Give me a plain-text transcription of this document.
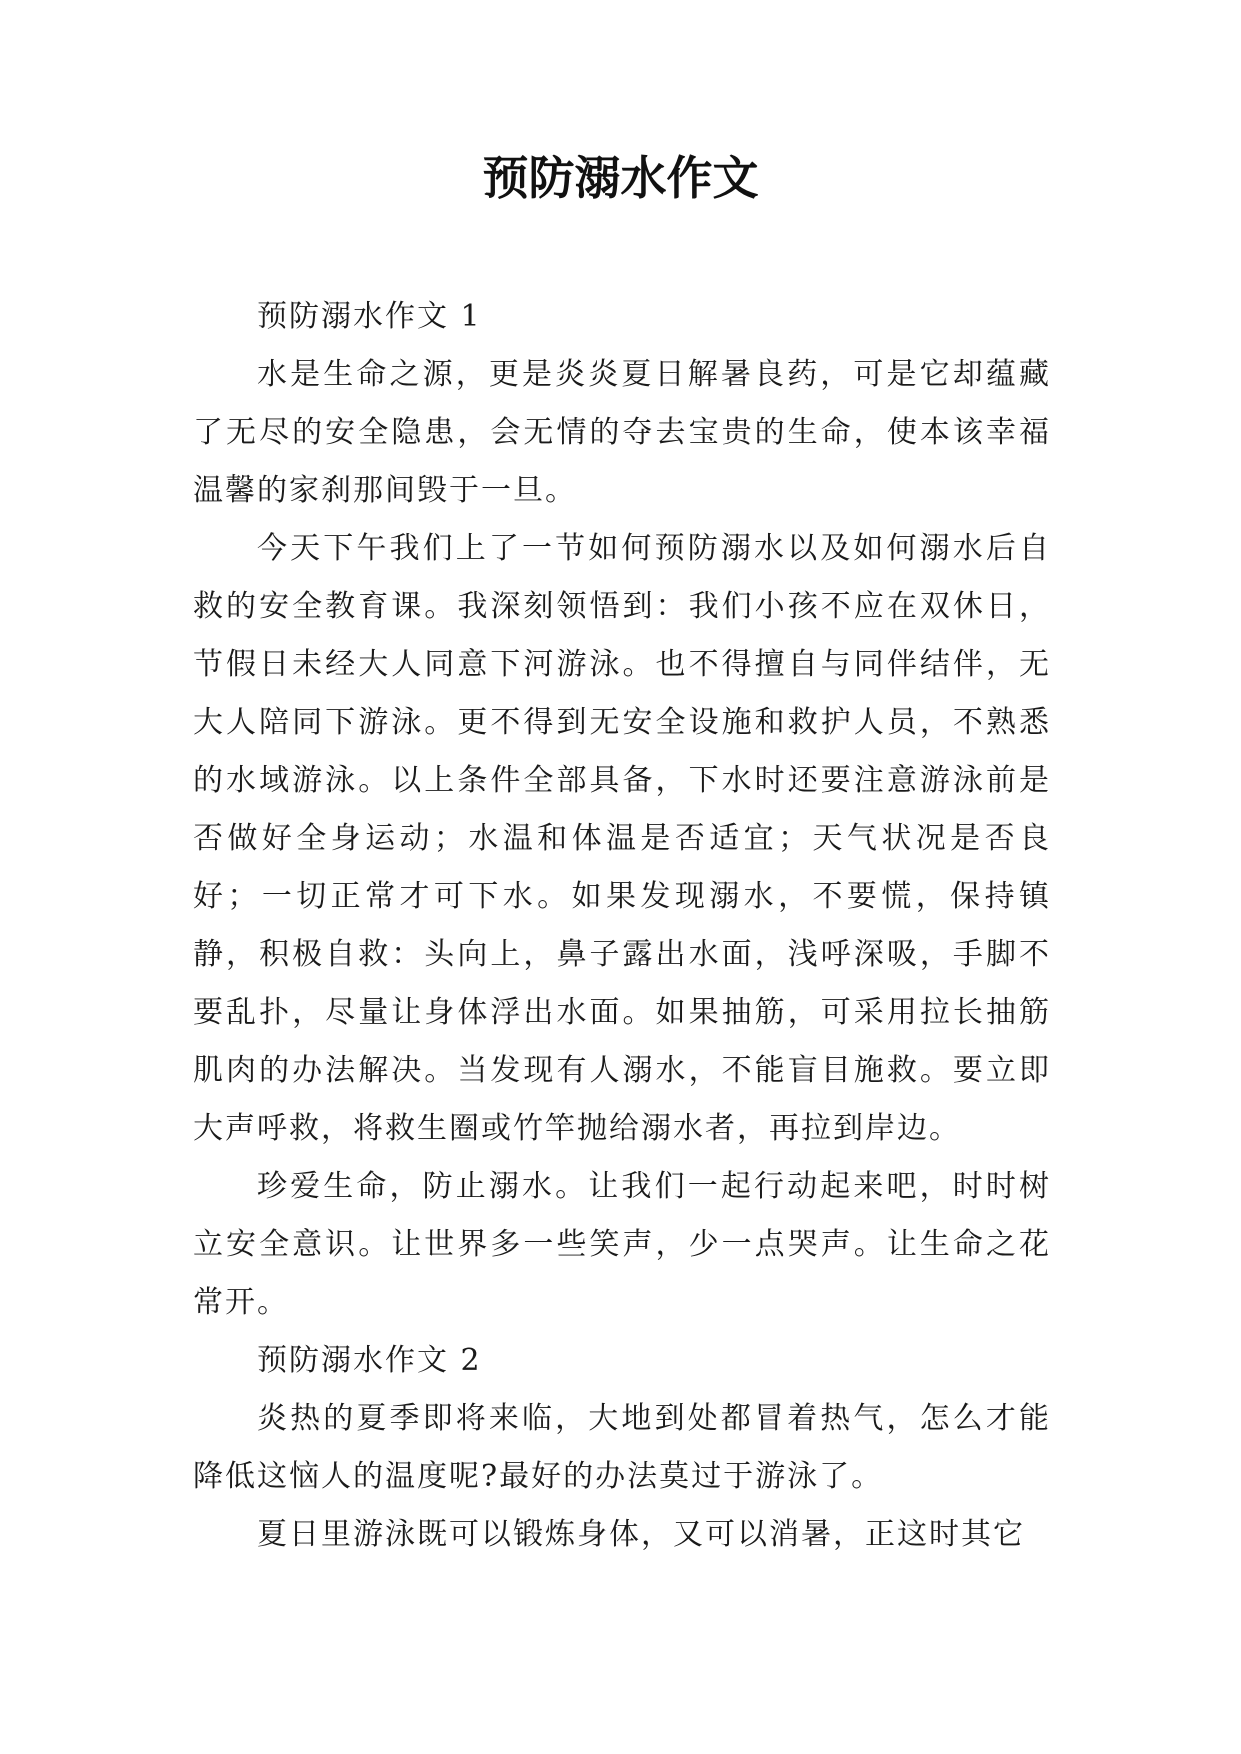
预防溺水作文

预防溺水作文 1

水是生命之源，更是炎炎夏日解暑良药，可是它却蕴藏了无尽的安全隐患，会无情的夺去宝贵的生命，使本该幸福温馨的家刹那间毁于一旦。

今天下午我们上了一节如何预防溺水以及如何溺水后自救的安全教育课。我深刻领悟到：我们小孩不应在双休日，节假日未经大人同意下河游泳。也不得擅自与同伴结伴，无大人陪同下游泳。更不得到无安全设施和救护人员，不熟悉的水域游泳。以上条件全部具备，下水时还要注意游泳前是否做好全身运动；水温和体温是否适宜；天气状况是否良好；一切正常才可下水。如果发现溺水，不要慌，保持镇静，积极自救：头向上，鼻子露出水面，浅呼深吸，手脚不要乱扑，尽量让身体浮出水面。如果抽筋，可采用拉长抽筋肌肉的办法解决。当发现有人溺水，不能盲目施救。要立即大声呼救，将救生圈或竹竿抛给溺水者，再拉到岸边。

珍爱生命，防止溺水。让我们一起行动起来吧，时时树立安全意识。让世界多一些笑声，少一点哭声。让生命之花常开。

预防溺水作文 2

炎热的夏季即将来临，大地到处都冒着热气，怎么才能降低这恼人的温度呢?最好的办法莫过于游泳了。

夏日里游泳既可以锻炼身体，又可以消暑，正这时其它
